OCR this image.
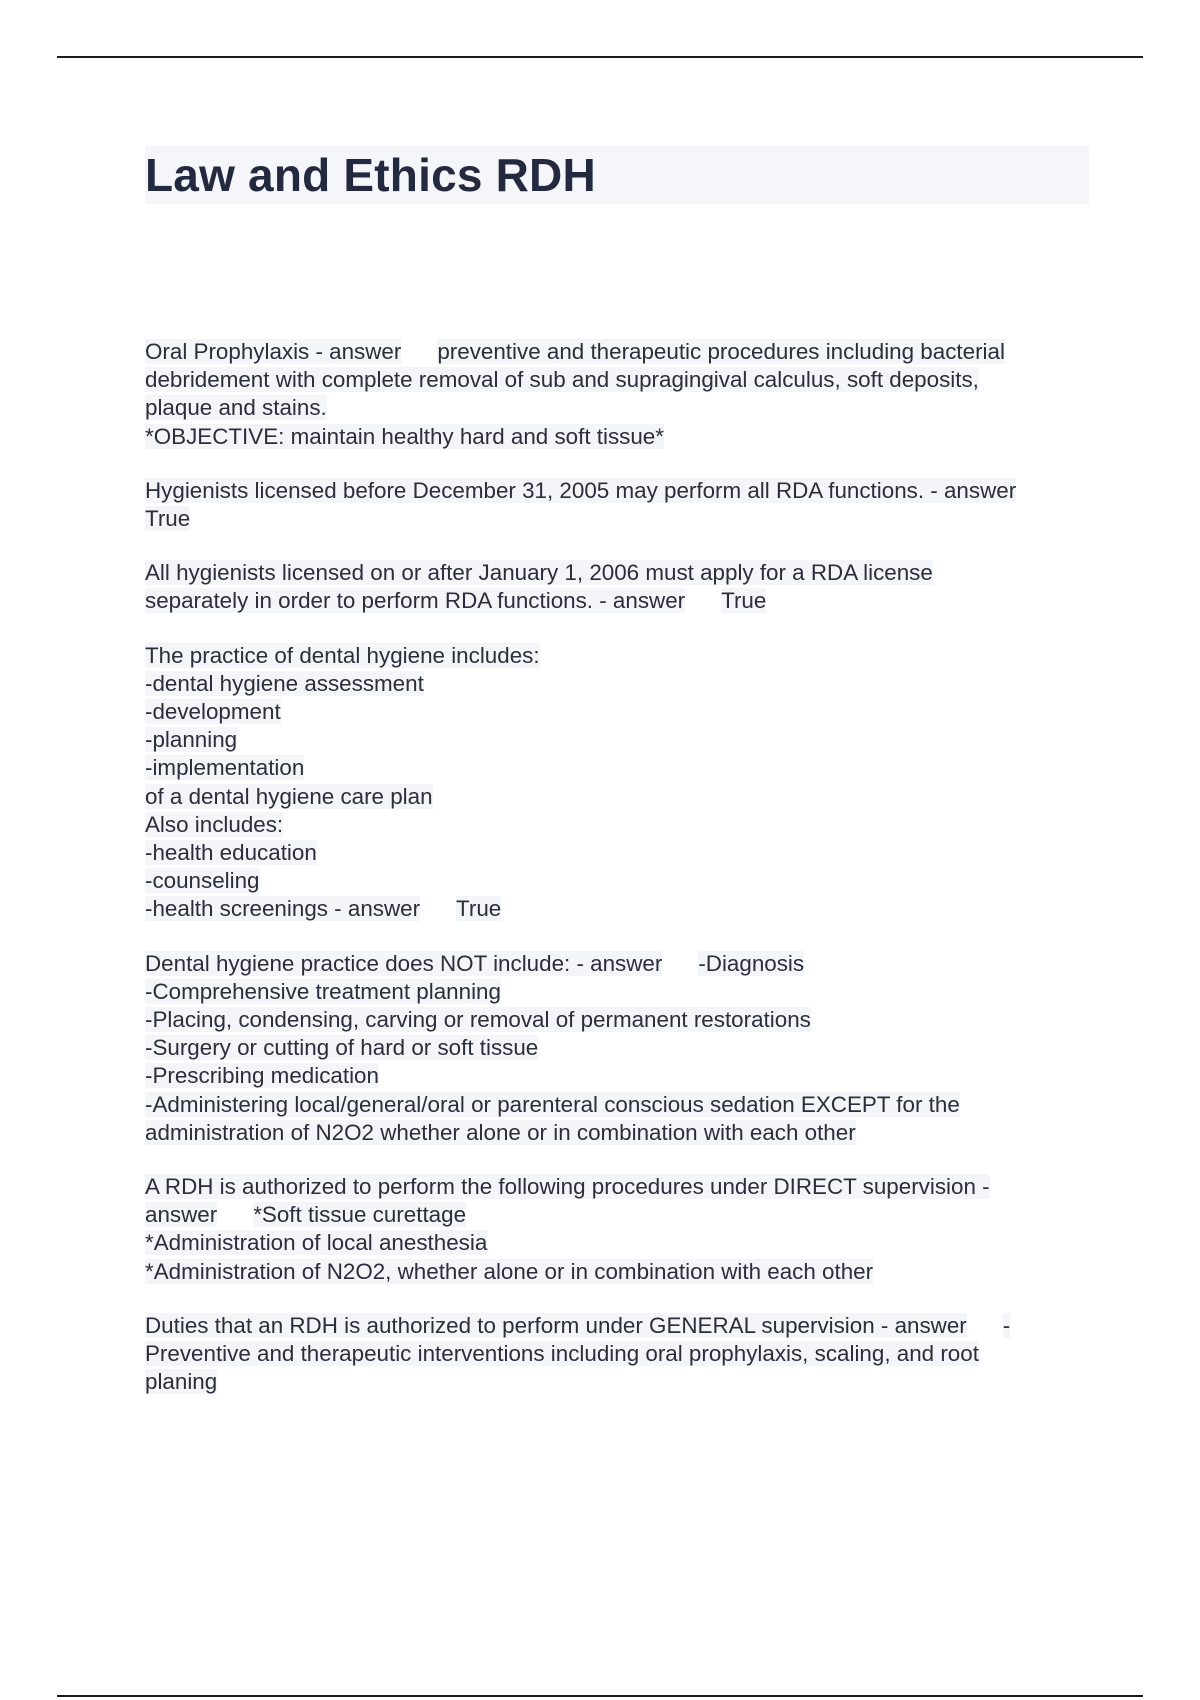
Law and Ethics RDH
Oral Prophylaxis - answer preventive and therapeutic procedures including bacterial
debridement with complete removal of sub and supragingival calculus, soft deposits,
plaque and stains.
*OBJECTIVE: maintain healthy hard and soft tissue*
Hygienists licensed before December 31, 2005 may perform all RDA functions. - answer
True
All hygienists licensed on or after January 1, 2006 must apply for a RDA license
separately in order to perform RDA functions. - answer True
The practice of dental hygiene includes:
-dental hygiene assessment
-development
-planning
-implementation
of a dental hygiene care plan
Also includes:
-health education
-counseling
-health screenings - answer True
Dental hygiene practice does NOT include: - answer -Diagnosis
-Comprehensive treatment planning
-Placing, condensing, carving or removal of permanent restorations
-Surgery or cutting of hard or soft tissue
-Prescribing medication
-Administering local/general/oral or parenteral conscious sedation EXCEPT for the
administration of N2O2 whether alone or in combination with each other
A RDH is authorized to perform the following procedures under DIRECT supervision -
answer *Soft tissue curettage
*Administration of local anesthesia
*Administration of N2O2, whether alone or in combination with each other
Duties that an RDH is authorized to perform under GENERAL supervision - answer -
Preventive and therapeutic interventions including oral prophylaxis, scaling, and root
planing
